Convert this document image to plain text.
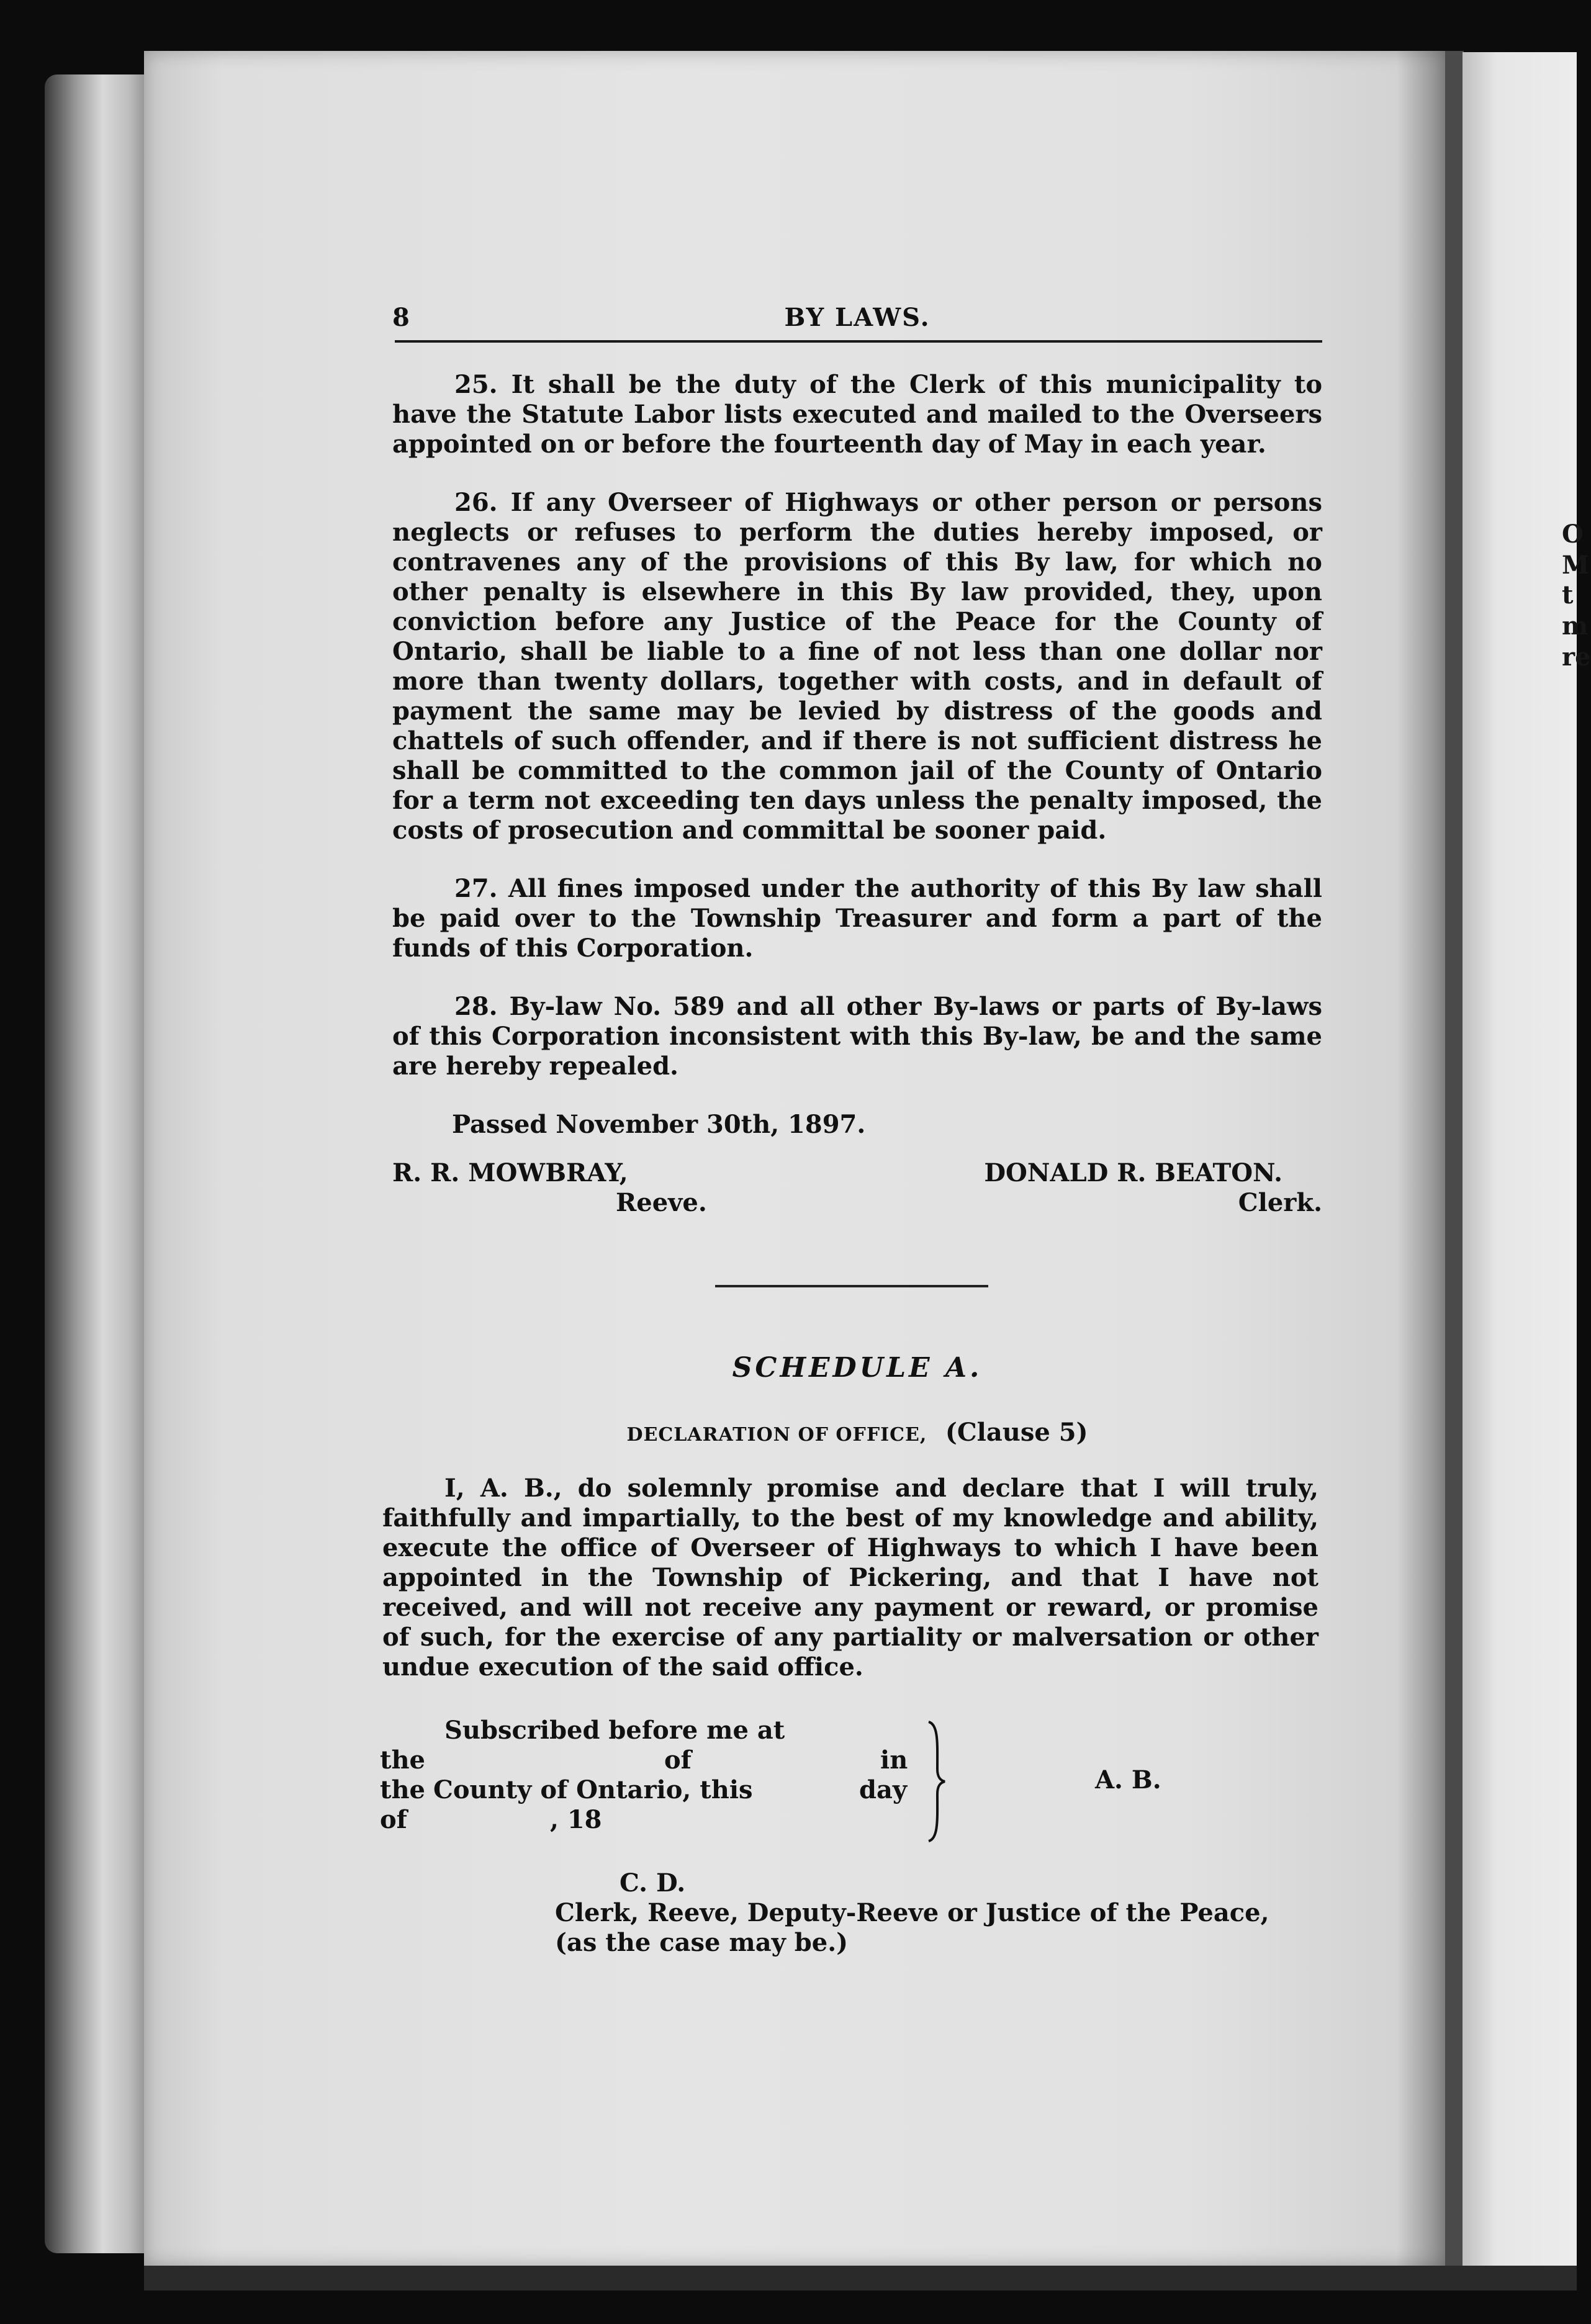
O
M
t
m
re
8	BY LAWS.

25. It shall be the duty of the Clerk of this municipality to have the Statute Labor lists executed and mailed to the Overseers appointed on or before the fourteenth day of May in each year.

26. If any Overseer of Highways or other person or persons neglects or refuses to perform the duties hereby imposed, or contravenes any of the provisions of this By law, for which no other penalty is elsewhere in this By law provided, they, upon conviction before any Justice of the Peace for the County of Ontario, shall be liable to a fine of not less than one dollar nor more than twenty dollars, together with costs, and in default of payment the same may be levied by distress of the goods and chattels of such offender, and if there is not sufficient distress he shall be committed to the common jail of the County of Ontario for a term not exceeding ten days unless the penalty imposed, the costs of prosecution and committal be sooner paid.

27. All fines imposed under the authority of this By law shall be paid over to the Township Treasurer and form a part of the funds of this Corporation.

28. By-law No. 589 and all other By-laws or parts of By-laws of this Corporation inconsistent with this By-law, be and the same are hereby repealed.

Passed November 30th, 1897.
R. R. MOWBRAY,
Reeve.
DONALD R. BEATON.
Clerk.
SCHEDULE A.
DECLARATION OF OFFICE, (Clause 5)
I, A. B., do solemnly promise and declare that I will truly, faithfully and impartially, to the best of my knowledge and ability, execute the office of Overseer of Highways to which I have been appointed in the Township of Pickering, and that I have not received, and will not receive any payment or reward, or promise of such, for the exercise of any partiality or malversation or other undue execution of the said office.
Subscribed before me at
the	of	in
the County of Ontario, this	day
of	, 18
A. B.
C. D.
Clerk, Reeve, Deputy-Reeve or Justice of the Peace, (as the case may be.)
